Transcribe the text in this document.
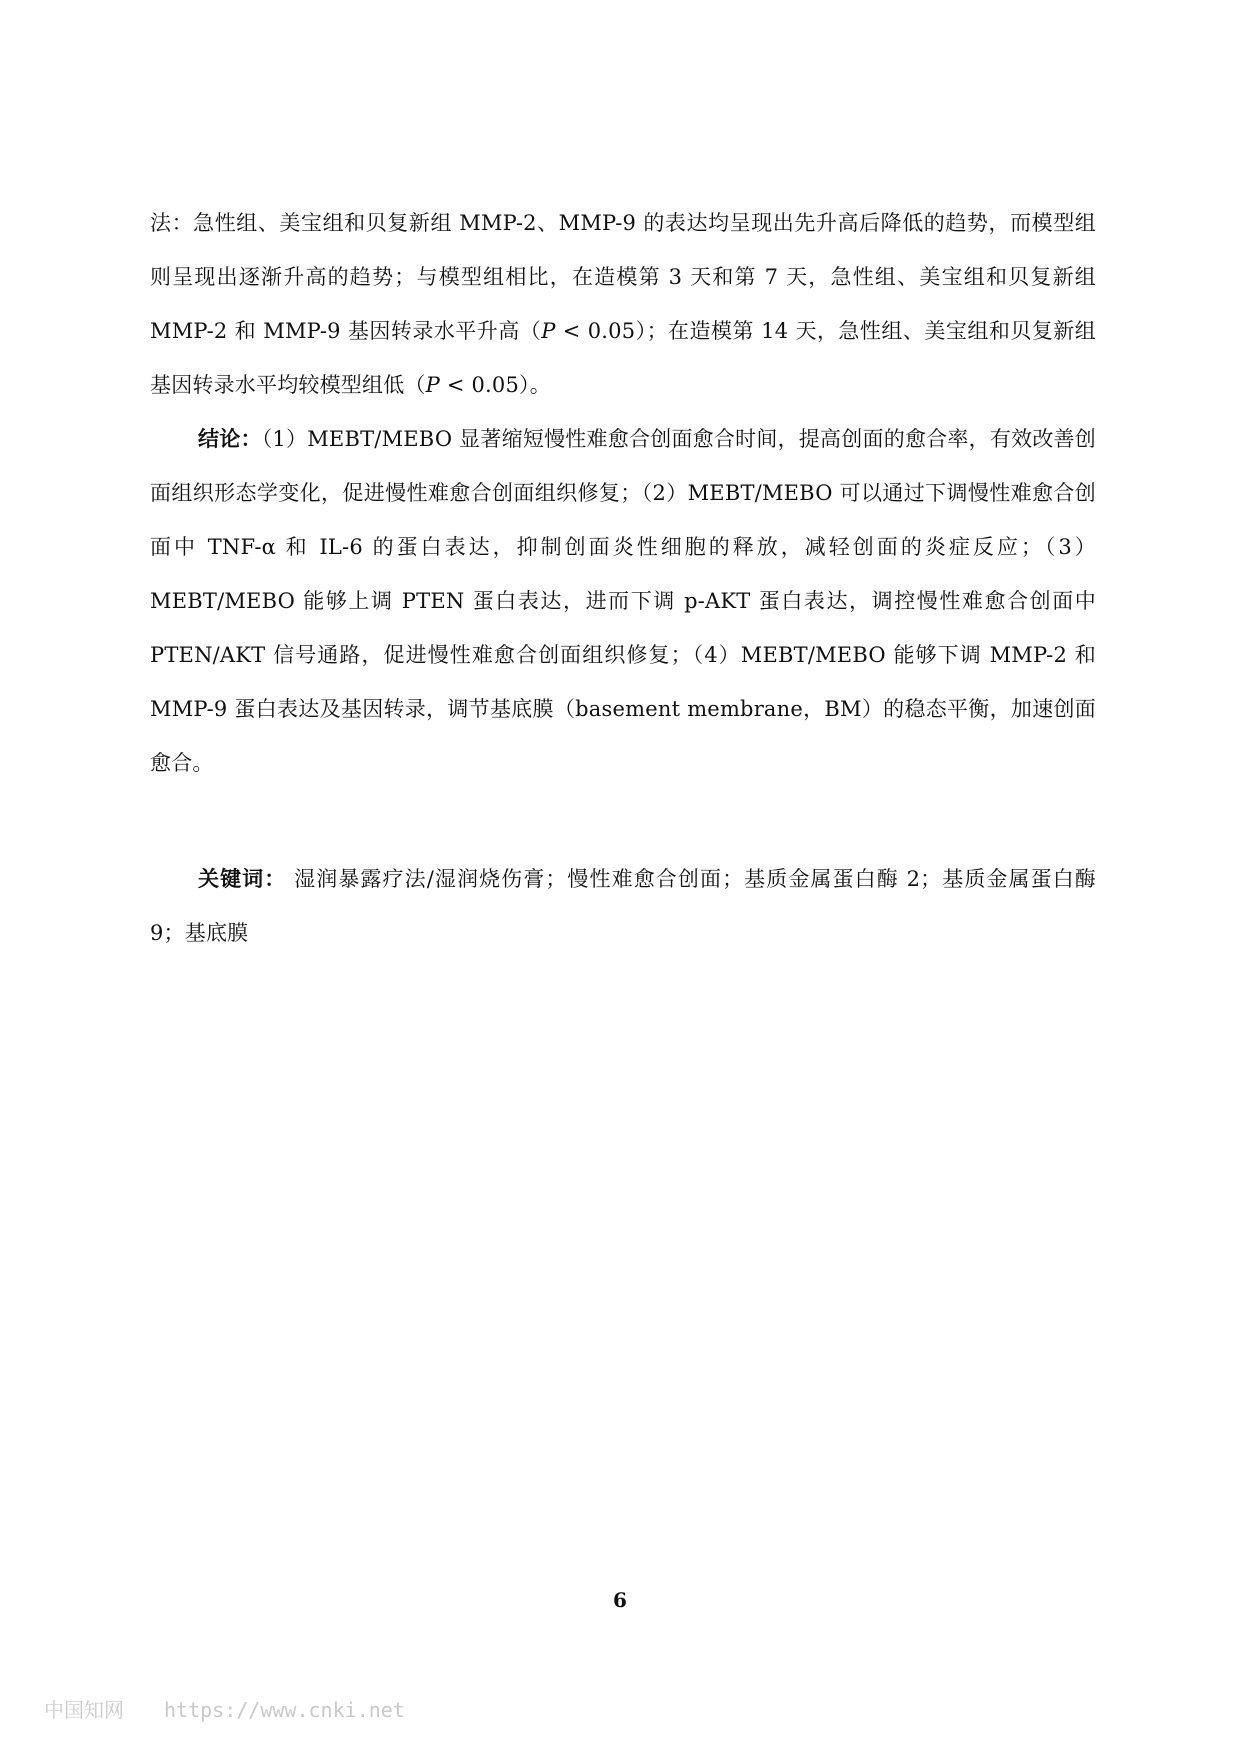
法：急性组、美宝组和贝复新组 MMP-2、MMP-9 的表达均呈现出先升高后降低的趋势，而模型组则呈现出逐渐升高的趋势；与模型组相比，在造模第 3 天和第 7 天，急性组、美宝组和贝复新组 MMP-2 和 MMP-9 基因转录水平升高（P < 0.05）；在造模第 14 天，急性组、美宝组和贝复新组基因转录水平均较模型组低（P < 0.05）。

结论：（1）MEBT/MEBO 显著缩短慢性难愈合创面愈合时间，提高创面的愈合率，有效改善创面组织形态学变化，促进慢性难愈合创面组织修复；（2）MEBT/MEBO 可以通过下调慢性难愈合创面中 TNF-α 和 IL-6 的蛋白表达，抑制创面炎性细胞的释放，减轻创面的炎症反应；（3）MEBT/MEBO 能够上调 PTEN 蛋白表达，进而下调 p-AKT 蛋白表达，调控慢性难愈合创面中 PTEN/AKT 信号通路，促进慢性难愈合创面组织修复；（4）MEBT/MEBO 能够下调 MMP-2 和 MMP-9 蛋白表达及基因转录，调节基底膜（basement membrane，BM）的稳态平衡，加速创面愈合。

关键词： 湿润暴露疗法/湿润烧伤膏；慢性难愈合创面；基质金属蛋白酶 2；基质金属蛋白酶 9；基底膜

6
中国知网 https://www.cnki.net
